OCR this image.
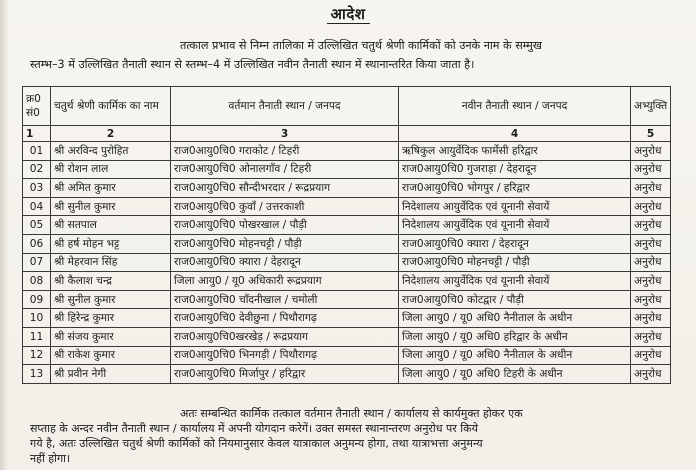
आदेश
तत्काल प्रभाव से निम्न तालिका में उल्लिखित चतुर्थ श्रेणी कार्मिकों को उनके नाम के सम्मुख
स्तम्भ–3 में उल्लिखित तैनाती स्थान से स्तम्भ–4 में उल्लिखित नवीन तैनाती स्थान में स्थानान्तरित किया जाता है।
क्र0 सं0	चतुर्थ श्रेणी कार्मिक का नाम	वर्तमान तैनाती स्थान / जनपद	नवीन तैनाती स्थान / जनपद	अभ्युक्ति
1	2	3	4	5
01	श्री अरविन्द पुरोहित	राज0आयु0चि0 गराकोट / टिहरी	ऋषिकुल आयुर्वेदिक फार्मेसी हरिद्वार	अनुरोध
02	श्री रोशन लाल	राज0आयु0चि0 ओनालगाँव / टिहरी	राज0आयु0चि0 गुजराड़ा / देहरादून	अनुरोध
03	श्री अमित कुमार	राज0आयु0चि0 सौन्दीभरदार / रूद्रप्रयाग	राज0आयु0चि0 भोगपुर / हरिद्वार	अनुरोध
04	श्री सुनील कुमार	राज0आयु0चि0 कुवाँ / उत्तरकाशी	निदेशालय आयुर्वेदिक एवं यूनानी सेवायें	अनुरोध
05	श्री सतपाल	राज0आयु0चि0 पोखरखाल / पौड़ी	निदेशालय आयुर्वेदिक एवं यूनानी सेवायें	अनुरोध
06	श्री हर्ष मोहन भट्ट	राज0आयु0चि0 मोहनचट्टी / पौड़ी	राज0आयु0चि0 क्यारा / देहरादून	अनुरोध
07	श्री मेहरवान सिंह	राज0आयु0चि0 क्यारा / देहरादून	राज0आयु0चि0 मोहनचट्टी / पौड़ी	अनुरोध
08	श्री कैलाश चन्द्र	जिला आयु0 / यू0 अधिकारी रूद्रप्रयाग	निदेशालय आयुर्वेदिक एवं यूनानी सेवायें	अनुरोध
09	श्री सुनील कुमार	राज0आयु0चि0 चाँदनीखाल / चमोली	राज0आयु0चि0 कोटद्वार / पौड़ी	अनुरोध
10	श्री हिरेन्द्र कुमार	राज0आयु0चि0 देवीछुना / पिथौरागढ़	जिला आयु0 / यू0 अधि0 नैनीताल के अधीन	अनुरोध
11	श्री संजय कुमार	राज0आयु0चि0खरखेड़ / रूद्रप्रयाग	जिला आयु0 / यू0 अधि0 हरिद्वार के अधीन	अनुरोध
12	श्री राकेश कुमार	राज0आयु0चि0 भिनगड़ी / पिथौरागढ़	जिला आयु0 / यू0 अधि0 नैनीताल के अधीन	अनुरोध
13	श्री प्रवीन नेगी	राज0आयु0चि0 मिर्जापुर / हरिद्वार	जिला आयु0 / यू0 अधि0 टिहरी के अधीन	अनुरोध
अतः सम्बन्धित कार्मिक तत्काल वर्तमान तैनाती स्थान / कार्यालय से कार्यमुक्त होकर एक
सप्ताह के अन्दर नवीन तैनाती स्थान / कार्यालय में अपनी योगदान करेगें। उक्त समस्त स्थानान्तरण अनुरोध पर किये
गये है, अतः उल्लिखित चतुर्थ श्रेणी कार्मिकों को नियमानुसार केवल यात्राकाल अनुमन्य होगा, तथा यात्राभत्ता अनुमन्य
नहीं होगा।
